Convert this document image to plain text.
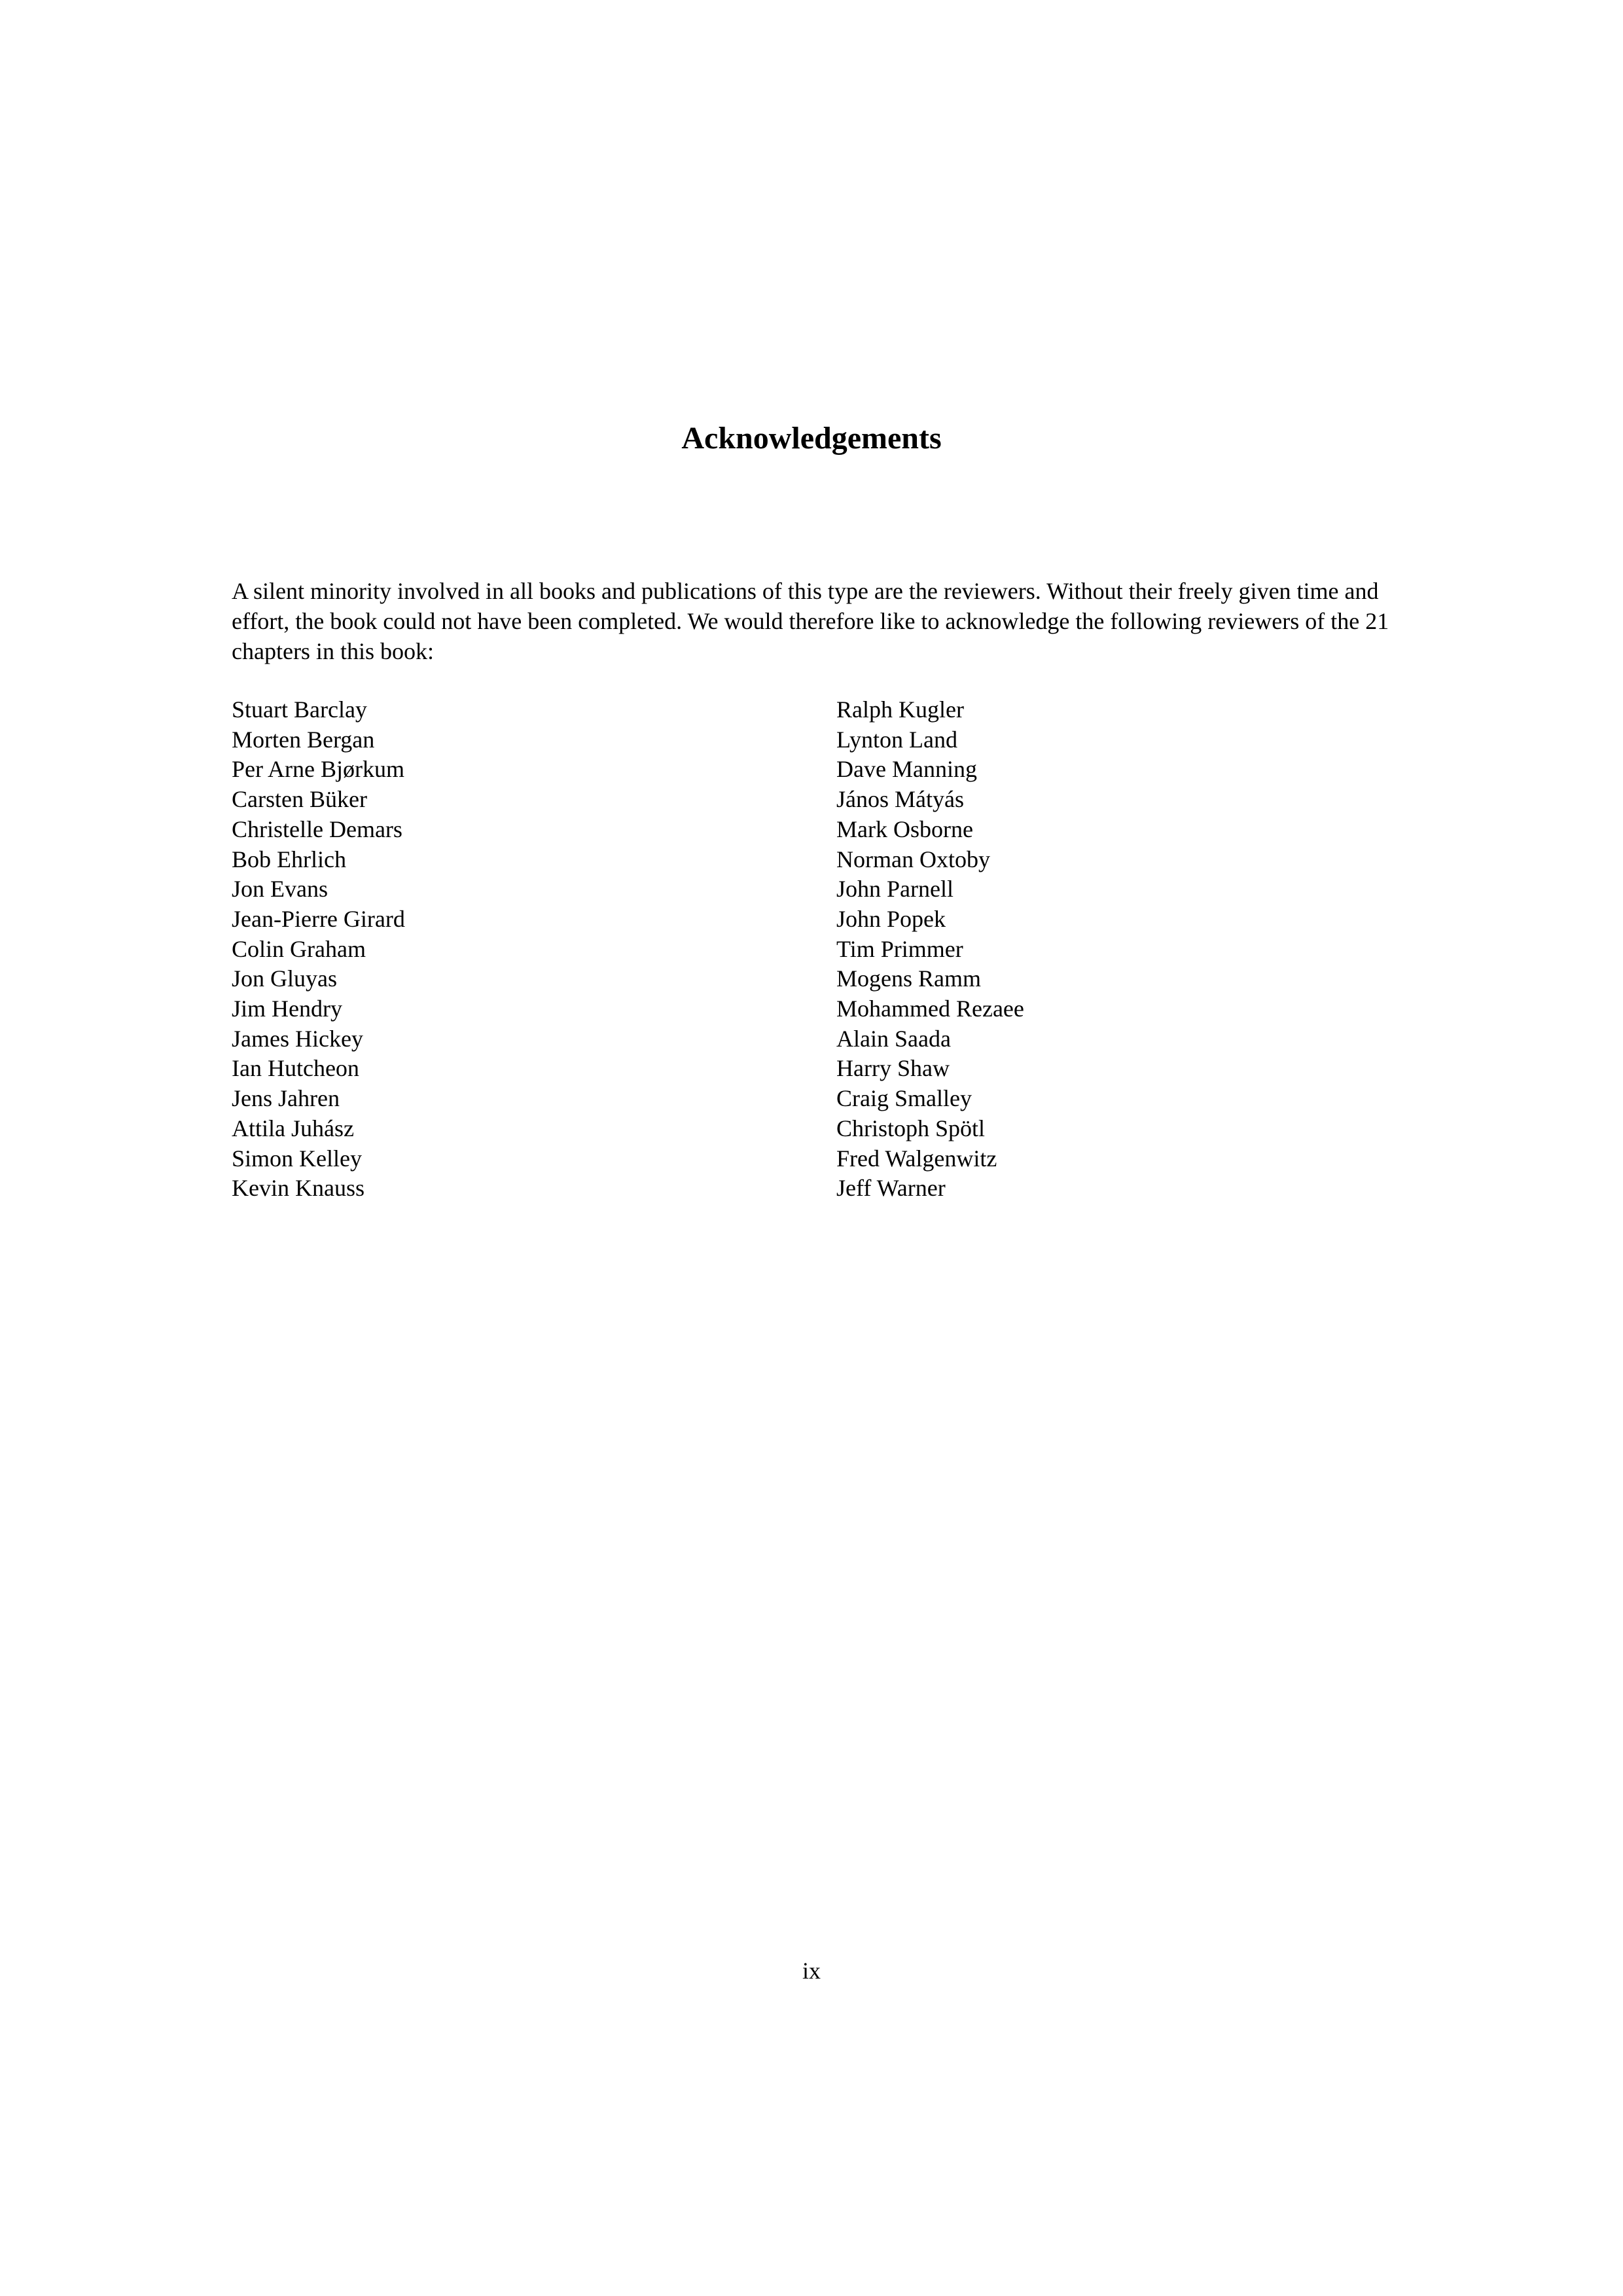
Acknowledgements

A silent minority involved in all books and publications of this type are the reviewers. Without their freely given time and effort, the book could not have been completed. We would therefore like to acknowledge the following reviewers of the 21 chapters in this book:

Stuart Barclay
Morten Bergan
Per Arne Bjørkum
Carsten Büker
Christelle Demars
Bob Ehrlich
Jon Evans
Jean-Pierre Girard
Colin Graham
Jon Gluyas
Jim Hendry
James Hickey
Ian Hutcheon
Jens Jahren
Attila Juhász
Simon Kelley
Kevin Knauss
Ralph Kugler
Lynton Land
Dave Manning
János Mátyás
Mark Osborne
Norman Oxtoby
John Parnell
John Popek
Tim Primmer
Mogens Ramm
Mohammed Rezaee
Alain Saada
Harry Shaw
Craig Smalley
Christoph Spötl
Fred Walgenwitz
Jeff Warner
ix
